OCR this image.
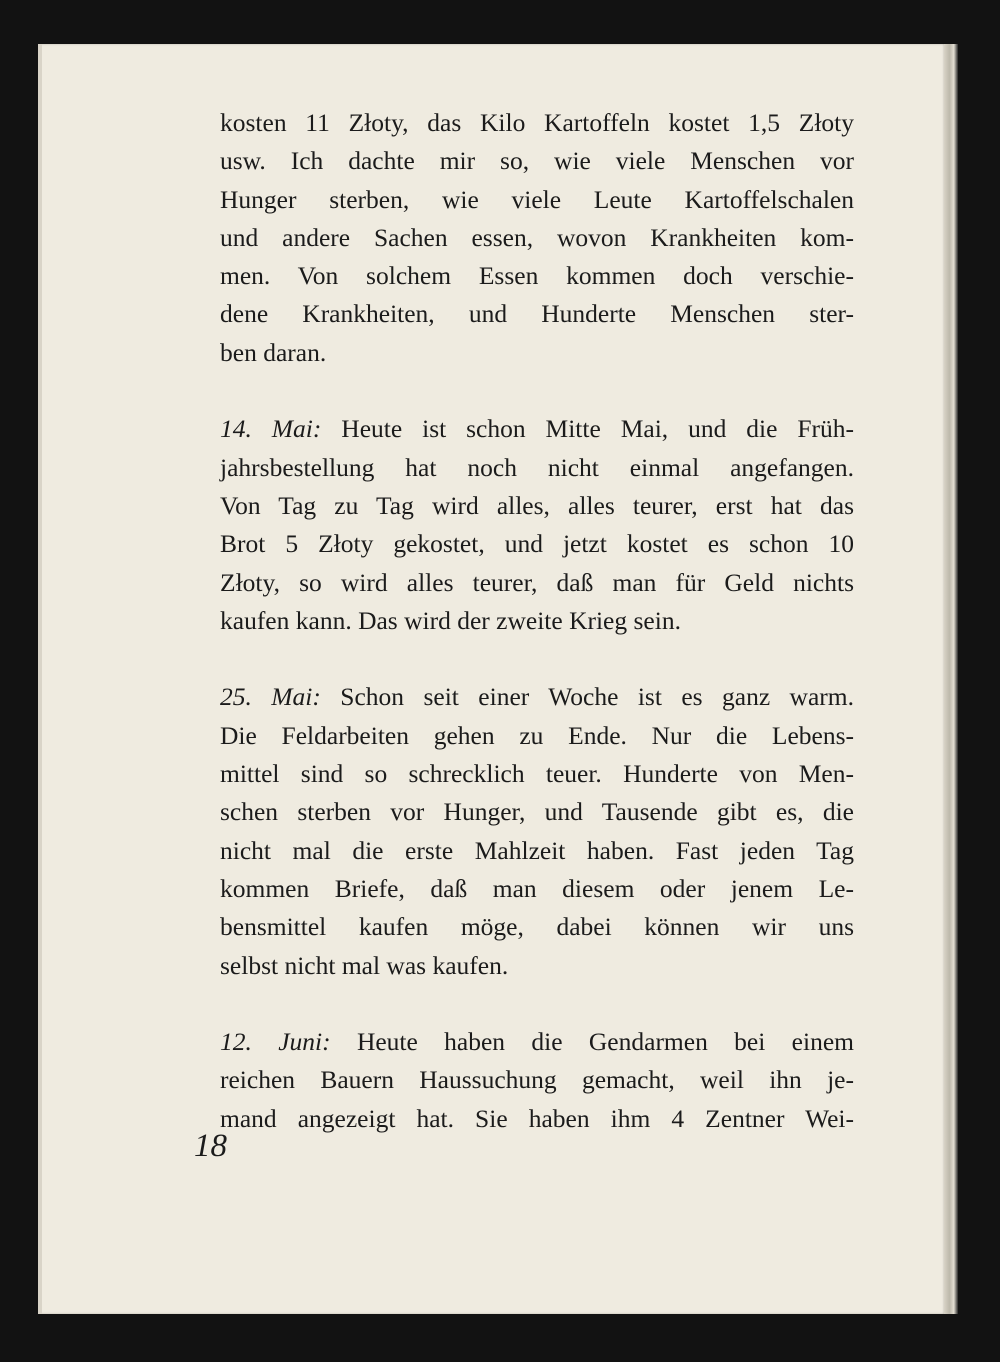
kosten 11 Złoty, das Kilo Kartoffeln kostet 1,5 Złoty
usw. Ich dachte mir so, wie viele Menschen vor
Hunger sterben, wie viele Leute Kartoffelschalen
und andere Sachen essen, wovon Krankheiten kom-
men. Von solchem Essen kommen doch verschie-
dene Krankheiten, und Hunderte Menschen ster-
ben daran.
14. Mai: Heute ist schon Mitte Mai, und die Früh-
jahrsbestellung hat noch nicht einmal angefangen.
Von Tag zu Tag wird alles, alles teurer, erst hat das
Brot 5 Złoty gekostet, und jetzt kostet es schon 10
Złoty, so wird alles teurer, daß man für Geld nichts
kaufen kann. Das wird der zweite Krieg sein.
25. Mai: Schon seit einer Woche ist es ganz warm.
Die Feldarbeiten gehen zu Ende. Nur die Lebens-
mittel sind so schrecklich teuer. Hunderte von Men-
schen sterben vor Hunger, und Tausende gibt es, die
nicht mal die erste Mahlzeit haben. Fast jeden Tag
kommen Briefe, daß man diesem oder jenem Le-
bensmittel kaufen möge, dabei können wir uns
selbst nicht mal was kaufen.
12. Juni: Heute haben die Gendarmen bei einem
reichen Bauern Haussuchung gemacht, weil ihn je-
mand angezeigt hat. Sie haben ihm 4 Zentner Wei-
18
